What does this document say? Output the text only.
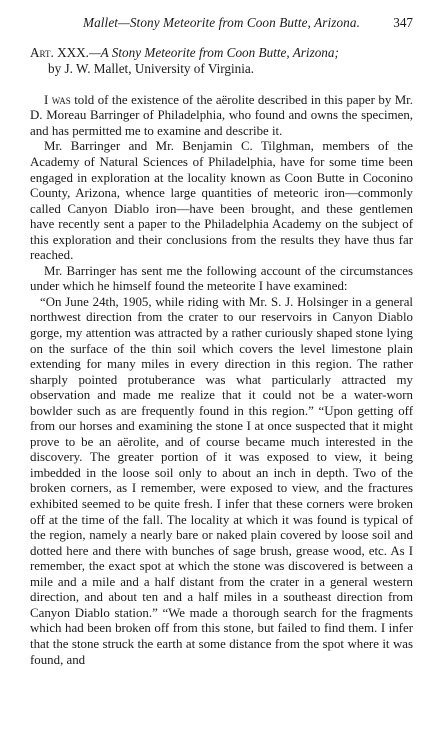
Mallet—Stony Meteorite from Coon Butte, Arizona.	347
Art. XXX.—A Stony Meteorite from Coon Butte, Arizona;
by J. W. Mallet, University of Virginia.

I was told of the existence of the aërolite described in this paper by Mr. D. Moreau Barringer of Philadelphia, who found and owns the specimen, and has permitted me to examine and describe it.

Mr. Barringer and Mr. Benjamin C. Tilghman, members of the Academy of Natural Sciences of Philadelphia, have for some time been engaged in exploration at the locality known as Coon Butte in Coconino County, Arizona, whence large quantities of meteoric iron—commonly called Canyon Diablo iron—have been brought, and these gentlemen have recently sent a paper to the Philadelphia Academy on the subject of this exploration and their conclusions from the results they have thus far reached.

Mr. Barringer has sent me the following account of the circumstances under which he himself found the meteorite I have examined:

“On June 24th, 1905, while riding with Mr. S. J. Holsinger in a general northwest direction from the crater to our reservoirs in Canyon Diablo gorge, my attention was attracted by a rather curiously shaped stone lying on the surface of the thin soil which covers the level limestone plain extending for many miles in every direction in this region. The rather sharply pointed protuberance was what particularly attracted my observation and made me realize that it could not be a water-worn bowlder such as are frequently found in this region.” “Upon getting off from our horses and examining the stone I at once suspected that it might prove to be an aërolite, and of course became much interested in the discovery. The greater portion of it was exposed to view, it being imbedded in the loose soil only to about an inch in depth. Two of the broken corners, as I remember, were exposed to view, and the fractures exhibited seemed to be quite fresh. I infer that these corners were broken off at the time of the fall. The locality at which it was found is typical of the region, namely a nearly bare or naked plain covered by loose soil and dotted here and there with bunches of sage brush, grease wood, etc. As I remember, the exact spot at which the stone was discovered is between a mile and a mile and a half distant from the crater in a general western direction, and about ten and a half miles in a southeast direction from Canyon Diablo station.” “We made a thorough search for the fragments which had been broken off from this stone, but failed to find them. I infer that the stone struck the earth at some distance from the spot where it was found, and
